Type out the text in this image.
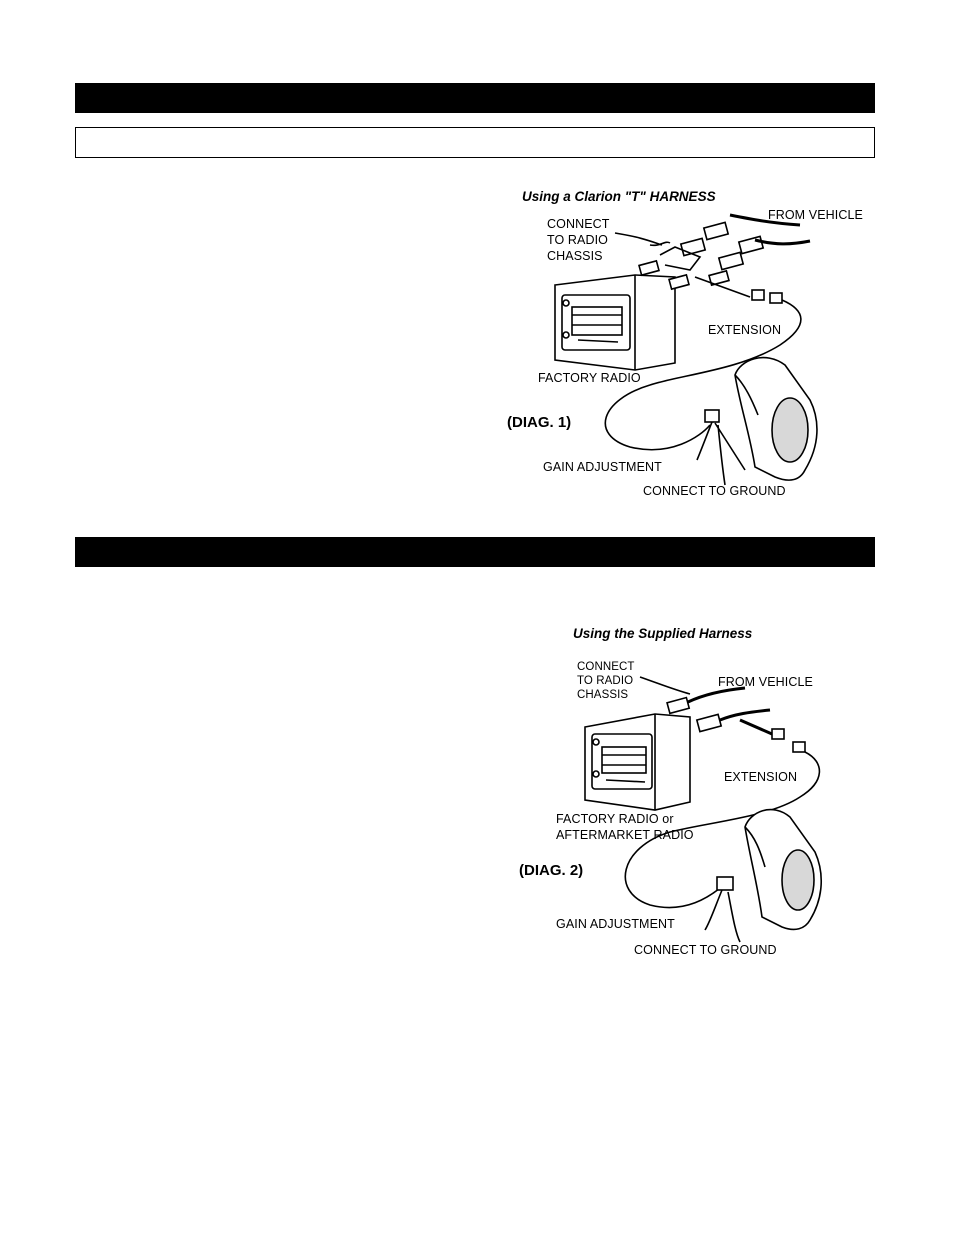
Using a Clarion "T" HARNESS
CONNECT
TO RADIO
CHASSIS
FROM VEHICLE
EXTENSION
FACTORY RADIO
(DIAG. 1)
GAIN ADJUSTMENT
CONNECT TO GROUND
Using the Supplied Harness
CONNECT
TO RADIO
CHASSIS
FROM VEHICLE
EXTENSION
FACTORY RADIO or
AFTERMARKET RADIO
(DIAG. 2)
GAIN ADJUSTMENT
CONNECT TO GROUND
